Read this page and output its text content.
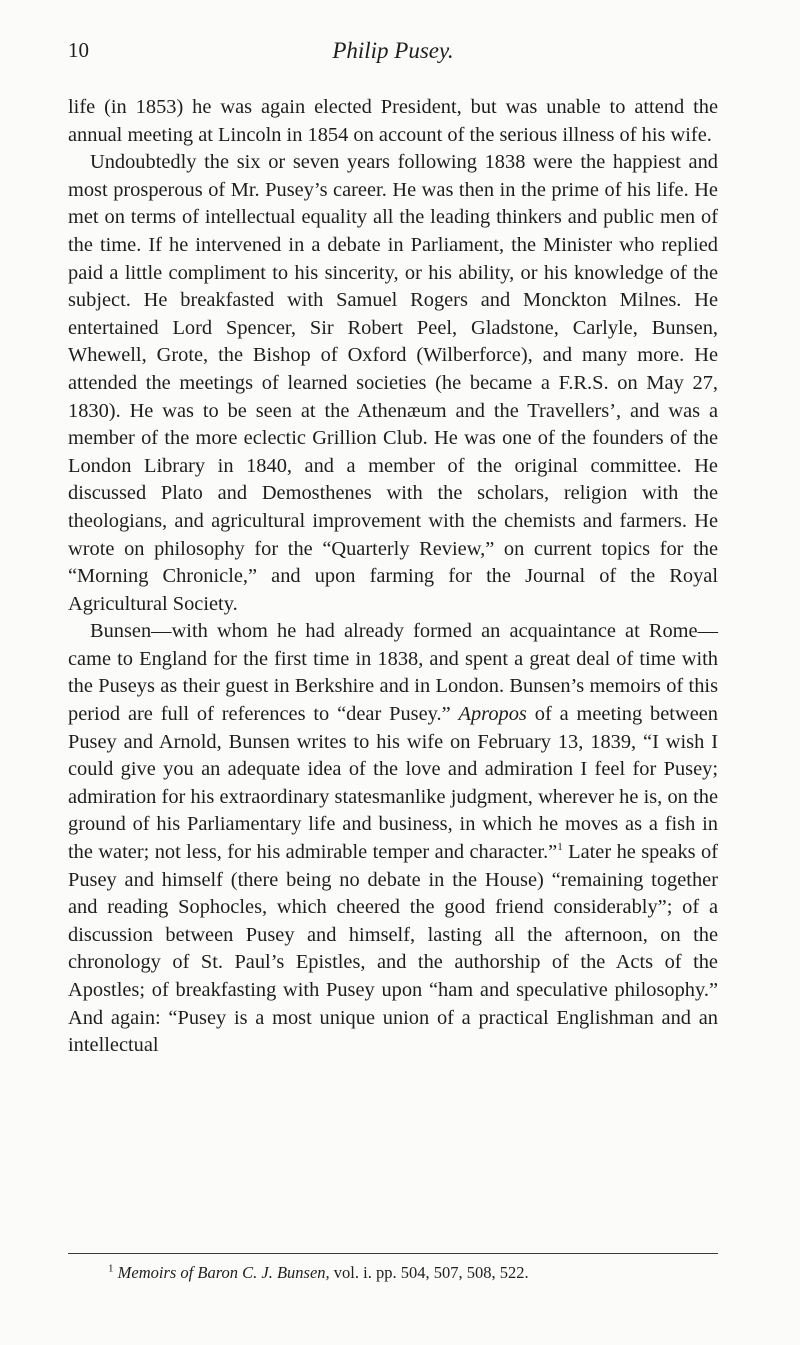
10	Philip Pusey.

life (in 1853) he was again elected President, but was unable to attend the annual meeting at Lincoln in 1854 on account of the serious illness of his wife.

Undoubtedly the six or seven years following 1838 were the happiest and most prosperous of Mr. Pusey’s career. He was then in the prime of his life. He met on terms of intellectual equality all the leading thinkers and public men of the time. If he intervened in a debate in Parliament, the Minister who replied paid a little compliment to his sincerity, or his ability, or his knowledge of the subject. He breakfasted with Samuel Rogers and Monckton Milnes. He entertained Lord Spencer, Sir Robert Peel, Gladstone, Carlyle, Bunsen, Whewell, Grote, the Bishop of Oxford (Wilberforce), and many more. He attended the meetings of learned societies (he became a F.R.S. on May 27, 1830). He was to be seen at the Athenæum and the Travellers’, and was a member of the more eclectic Grillion Club. He was one of the founders of the London Library in 1840, and a member of the original committee. He discussed Plato and Demosthenes with the scholars, religion with the theologians, and agricultural improvement with the chemists and farmers. He wrote on philosophy for the “Quarterly Review,” on current topics for the “Morning Chronicle,” and upon farming for the Journal of the Royal Agricultural Society.

Bunsen—with whom he had already formed an acquaintance at Rome—came to England for the first time in 1838, and spent a great deal of time with the Puseys as their guest in Berkshire and in London. Bunsen’s memoirs of this period are full of references to “dear Pusey.” Apropos of a meeting between Pusey and Arnold, Bunsen writes to his wife on February 13, 1839, “I wish I could give you an adequate idea of the love and admiration I feel for Pusey; admiration for his extraordinary statesmanlike judgment, wherever he is, on the ground of his Parliamentary life and business, in which he moves as a fish in the water; not less, for his admirable temper and character.”$^1$ Later he speaks of Pusey and himself (there being no debate in the House) “remaining together and reading Sophocles, which cheered the good friend considerably”; of a discussion between Pusey and himself, lasting all the afternoon, on the chronology of St. Paul’s Epistles, and the authorship of the Acts of the Apostles; of breakfasting with Pusey upon “ham and speculative philosophy.” And again: “Pusey is a most unique union of a practical Englishman and an intellectual

$^1$ Memoirs of Baron C. J. Bunsen, vol. i. pp. 504, 507, 508, 522.
